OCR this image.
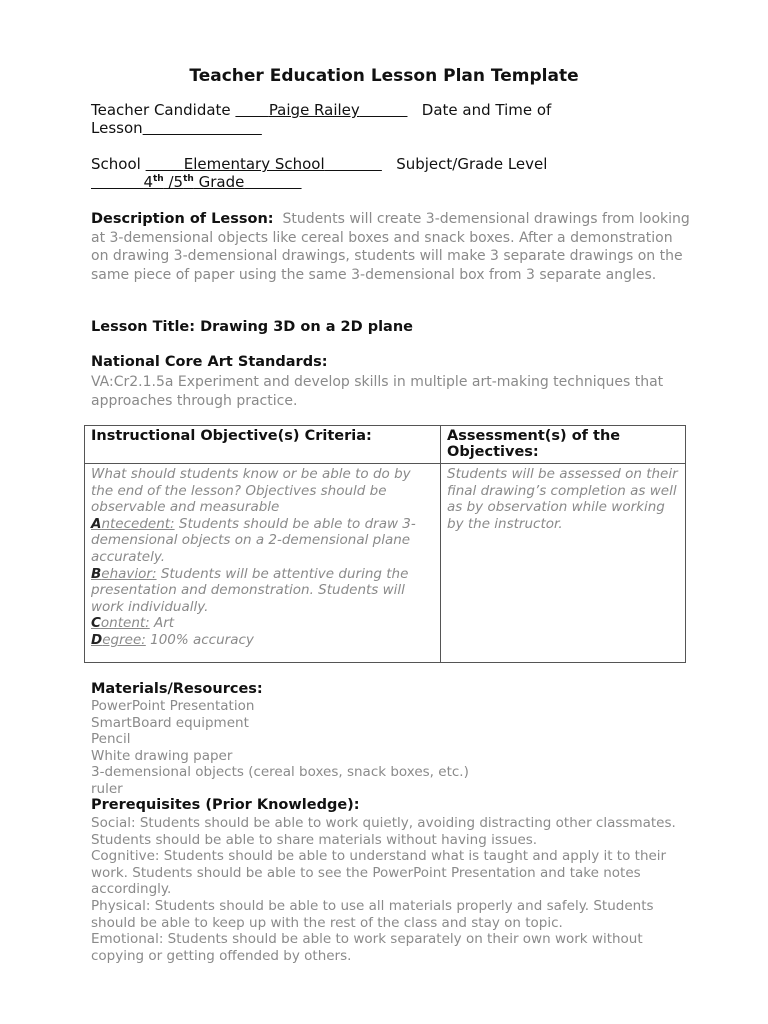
Teacher Education Lesson Plan Template
Teacher Candidate	Paige Railey	Date and Time of
Lesson
School	Elementary School	Subject/Grade Level
4th /5th Grade
Description of Lesson: Students will create 3-demensional drawings from looking at 3-demensional objects like cereal boxes and snack boxes. After a demonstration on drawing 3-demensional drawings, students will make 3 separate drawings on the same piece of paper using the same 3-demensional box from 3 separate angles.
Lesson Title: Drawing 3D on a 2D plane
National Core Art Standards:
VA:Cr2.1.5a Experiment and develop skills in multiple art-making techniques that approaches through practice.
Instructional Objective(s) Criteria:	Assessment(s) of the Objectives:
What should students know or be able to do by the end of the lesson? Objectives should be observable and measurable
Antecedent: Students should be able to draw 3-demensional objects on a 2-demensional plane accurately.
Behavior: Students will be attentive during the presentation and demonstration. Students will work individually.
Content: Art
Degree: 100% accuracy	Students will be assessed on their final drawing’s completion as well as by observation while working by the instructor.
Materials/Resources:
PowerPoint Presentation
SmartBoard equipment
Pencil
White drawing paper
3-demensional objects (cereal boxes, snack boxes, etc.)
ruler
Prerequisites (Prior Knowledge):
Social: Students should be able to work quietly, avoiding distracting other classmates. Students should be able to share materials without having issues.
Cognitive: Students should be able to understand what is taught and apply it to their work. Students should be able to see the PowerPoint Presentation and take notes accordingly.
Physical: Students should be able to use all materials properly and safely. Students should be able to keep up with the rest of the class and stay on topic.
Emotional: Students should be able to work separately on their own work without copying or getting offended by others.
